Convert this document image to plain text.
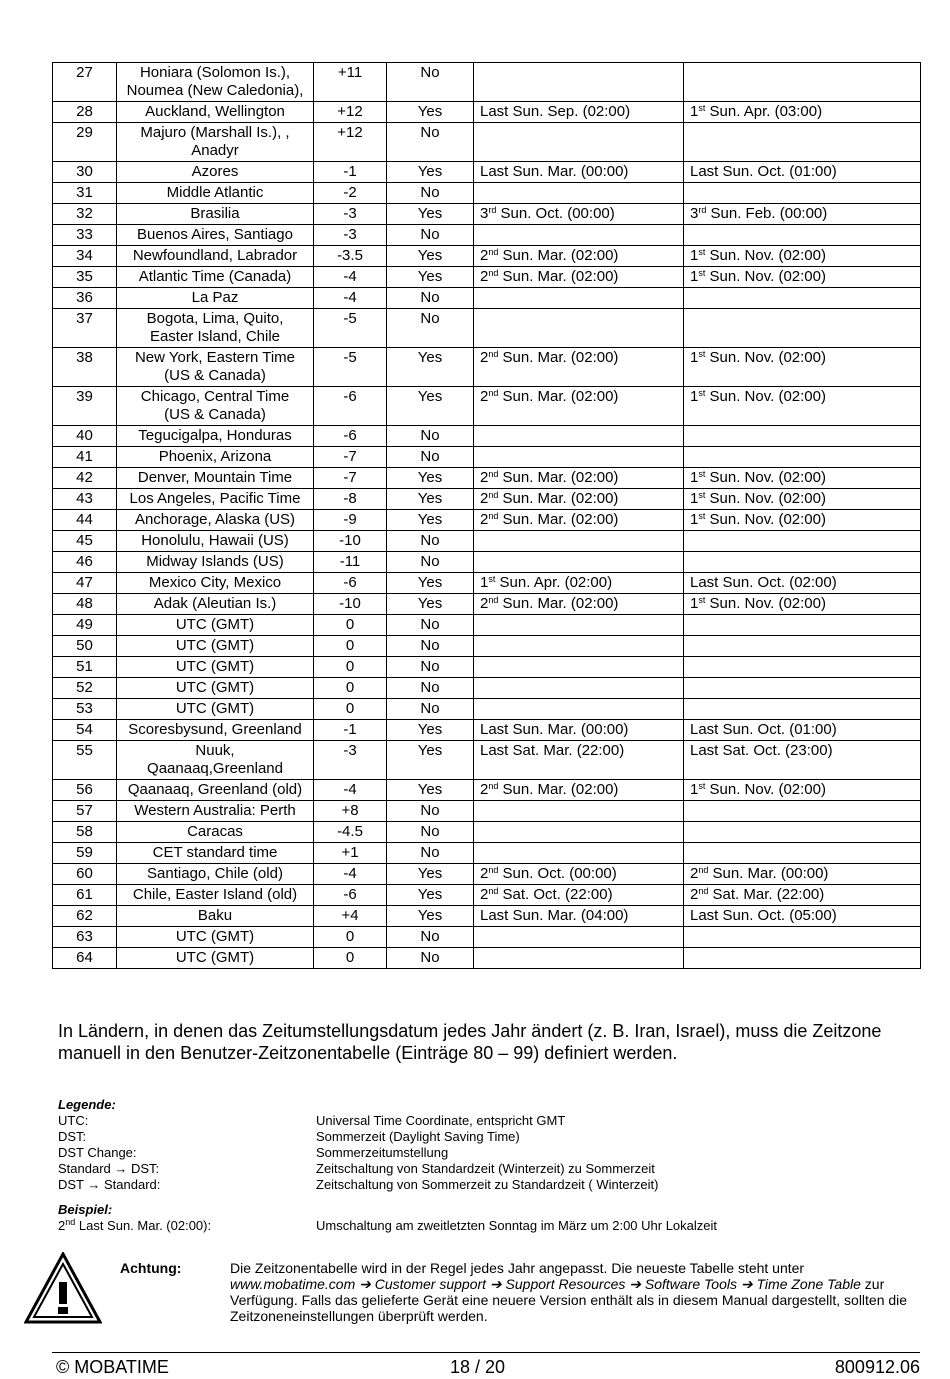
27	Honiara (Solomon Is.),
Noumea (New Caledonia),	+11	No		
28	Auckland, Wellington	+12	Yes	Last Sun. Sep. (02:00)	1st Sun. Apr. (03:00)
29	Majuro (Marshall Is.), ,
Anadyr	+12	No		
30	Azores	-1	Yes	Last Sun. Mar. (00:00)	Last Sun. Oct. (01:00)
31	Middle Atlantic	-2	No		
32	Brasilia	-3	Yes	3rd Sun. Oct. (00:00)	3rd Sun. Feb. (00:00)
33	Buenos Aires, Santiago	-3	No		
34	Newfoundland, Labrador	-3.5	Yes	2nd Sun. Mar. (02:00)	1st Sun. Nov. (02:00)
35	Atlantic Time (Canada)	-4	Yes	2nd Sun. Mar. (02:00)	1st Sun. Nov. (02:00)
36	La Paz	-4	No		
37	Bogota, Lima, Quito,
Easter Island, Chile	-5	No		
38	New York, Eastern Time
(US & Canada)	-5	Yes	2nd Sun. Mar. (02:00)	1st Sun. Nov. (02:00)
39	Chicago, Central Time
(US & Canada)	-6	Yes	2nd Sun. Mar. (02:00)	1st Sun. Nov. (02:00)
40	Tegucigalpa, Honduras	-6	No		
41	Phoenix, Arizona	-7	No		
42	Denver, Mountain Time	-7	Yes	2nd Sun. Mar. (02:00)	1st Sun. Nov. (02:00)
43	Los Angeles, Pacific Time	-8	Yes	2nd Sun. Mar. (02:00)	1st Sun. Nov. (02:00)
44	Anchorage, Alaska (US)	-9	Yes	2nd Sun. Mar. (02:00)	1st Sun. Nov. (02:00)
45	Honolulu, Hawaii (US)	-10	No		
46	Midway Islands (US)	-11	No		
47	Mexico City, Mexico	-6	Yes	1st Sun. Apr. (02:00)	Last Sun. Oct. (02:00)
48	Adak (Aleutian Is.)	-10	Yes	2nd Sun. Mar. (02:00)	1st Sun. Nov. (02:00)
49	UTC (GMT)	0	No		
50	UTC (GMT)	0	No		
51	UTC (GMT)	0	No		
52	UTC (GMT)	0	No		
53	UTC (GMT)	0	No		
54	Scoresbysund, Greenland	-1	Yes	Last Sun. Mar. (00:00)	Last Sun. Oct. (01:00)
55	Nuuk,
Qaanaaq,Greenland	-3	Yes	Last Sat. Mar. (22:00)	Last Sat. Oct. (23:00)
56	Qaanaaq, Greenland (old)	-4	Yes	2nd Sun. Mar. (02:00)	1st Sun. Nov. (02:00)
57	Western Australia: Perth	+8	No		
58	Caracas	-4.5	No		
59	CET standard time	+1	No		
60	Santiago, Chile (old)	-4	Yes	2nd Sun. Oct. (00:00)	2nd Sun. Mar. (00:00)
61	Chile, Easter Island (old)	-6	Yes	2nd Sat. Oct. (22:00)	2nd Sat. Mar. (22:00)
62	Baku	+4	Yes	Last Sun. Mar. (04:00)	Last Sun. Oct. (05:00)
63	UTC (GMT)	0	No		
64	UTC (GMT)	0	No		
In Ländern, in denen das Zeitumstellungsdatum jedes Jahr ändert (z. B. Iran, Israel), muss die Zeitzone manuell in den Benutzer-Zeitzonentabelle (Einträge 80 – 99) definiert werden.
Legende:
UTC:	Universal Time Coordinate, entspricht GMT
DST:	Sommerzeit (Daylight Saving Time)
DST Change:	Sommerzeitumstellung
Standard → DST:	Zeitschaltung von Standardzeit (Winterzeit) zu Sommerzeit
DST → Standard:	Zeitschaltung von Sommerzeit zu Standardzeit ( Winterzeit)
Beispiel:
2nd Last Sun. Mar. (02:00):	Umschaltung am zweitletzten Sonntag im März um 2:00 Uhr Lokalzeit
Achtung:	Die Zeitzonentabelle wird in der Regel jedes Jahr angepasst. Die neueste Tabelle steht unter
www.mobatime.com ➔ Customer support ➔ Support Resources ➔ Software Tools ➔ Time Zone Table zur Verfügung. Falls das gelieferte Gerät eine neuere Version enthält als in diesem Manual dargestellt, sollten die Zeitzoneneinstellungen überprüft werden.
© MOBATIME	18 / 20	800912.06
